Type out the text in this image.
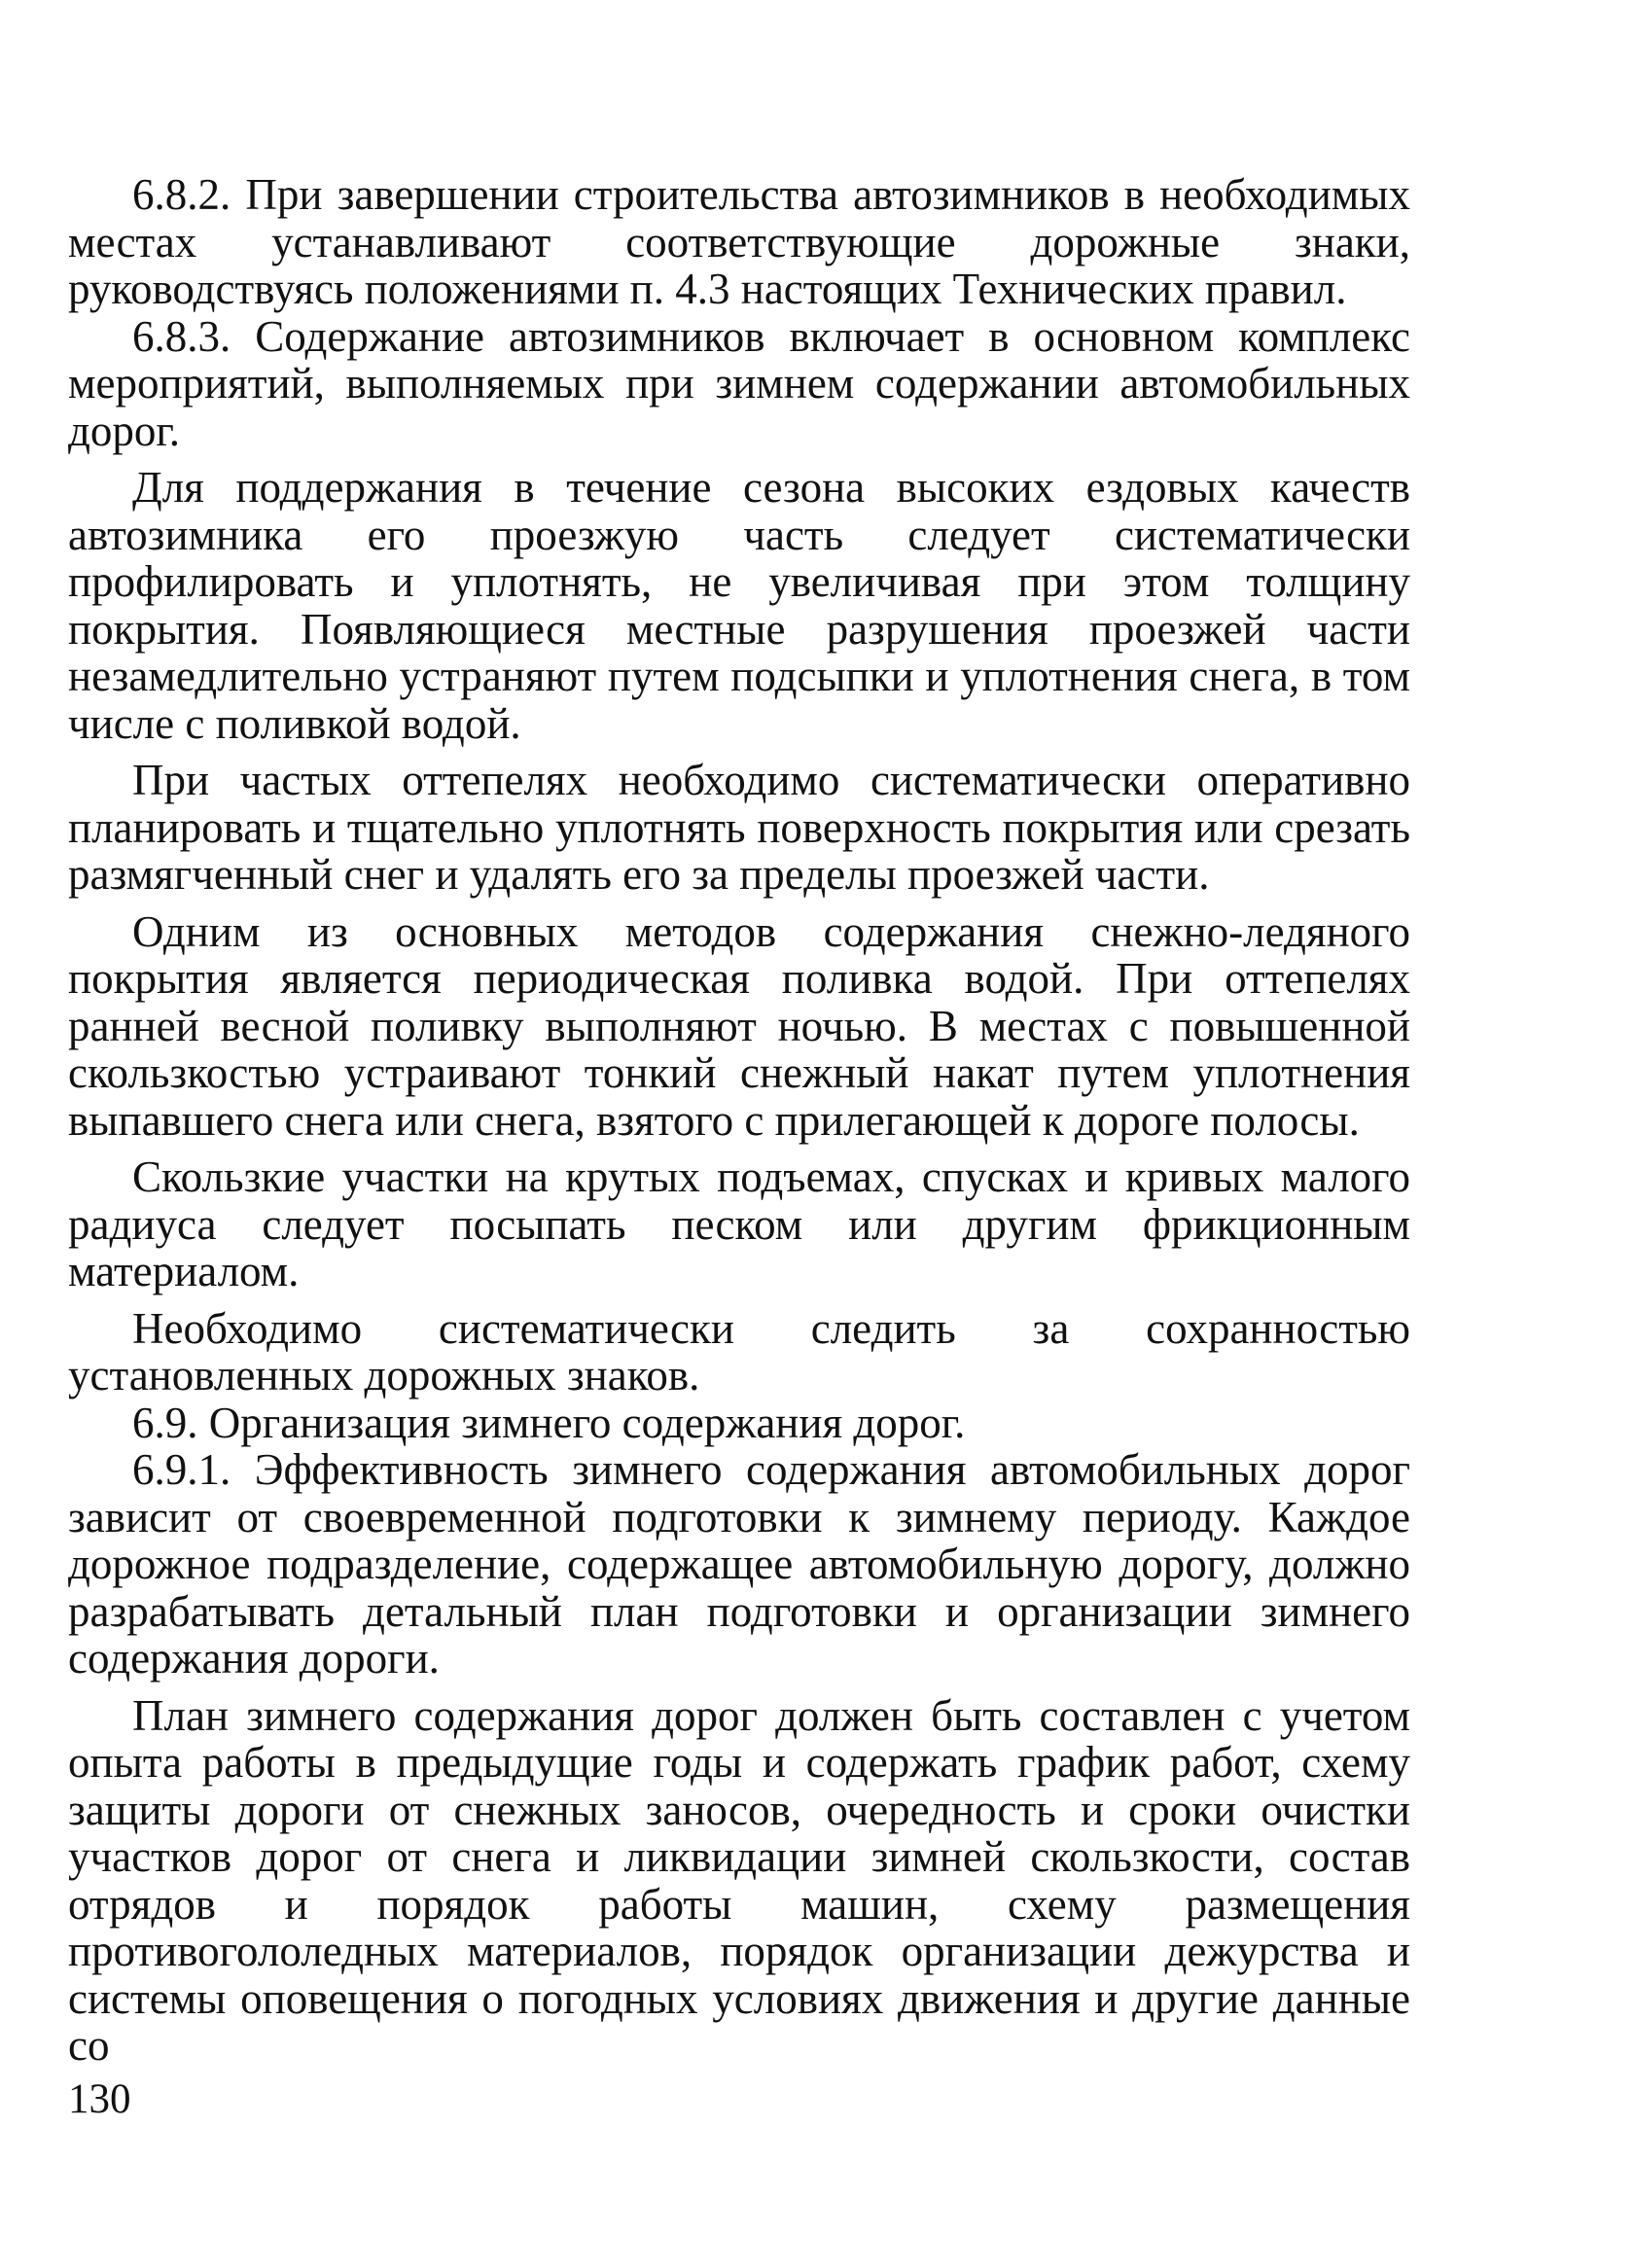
6.8.2. При завершении строительства автозимников в необходимых местах устанавливают соответствующие дорожные знаки, руководствуясь положениями п. 4.3 настоящих Технических правил.

6.8.3. Содержание автозимников включает в основном комплекс мероприятий, выполняемых при зимнем содержании автомобильных дорог.

Для поддержания в течение сезона высоких ездовых качеств автозимника его проезжую часть следует систематически профилировать и уплотнять, не увеличивая при этом толщину покрытия. Появляющиеся местные разрушения проезжей части незамедлительно устраняют путем подсыпки и уплотнения снега, в том числе с поливкой водой.

При частых оттепелях необходимо систематически оперативно планировать и тщательно уплотнять поверхность покрытия или срезать размягченный снег и удалять его за пределы проезжей части.

Одним из основных методов содержания снежно-ледяного покрытия является периодическая поливка водой. При оттепелях ранней весной поливку выполняют ночью. В местах с повышенной скользкостью устраивают тонкий снежный накат путем уплотнения выпавшего снега или снега, взятого с прилегающей к дороге полосы.

Скользкие участки на крутых подъемах, спусках и кривых малого радиуса следует посыпать песком или другим фрикционным материалом.

Необходимо систематически следить за сохранностью установленных дорожных знаков.

6.9. Организация зимнего содержания дорог.

6.9.1. Эффективность зимнего содержания автомобильных дорог зависит от своевременной подготовки к зимнему периоду. Каждое дорожное подразделение, содержащее автомобильную дорогу, должно разрабатывать детальный план подготовки и организации зимнего содержания дороги.

План зимнего содержания дорог должен быть составлен с учетом опыта работы в предыдущие годы и содержать график работ, схему защиты дороги от снежных заносов, очередность и сроки очистки участков дорог от снега и ликвидации зимней скользкости, состав отрядов и порядок работы машин, схему размещения противогололедных материалов, порядок организации дежурства и системы оповещения о погодных условиях движения и другие данные со

130
